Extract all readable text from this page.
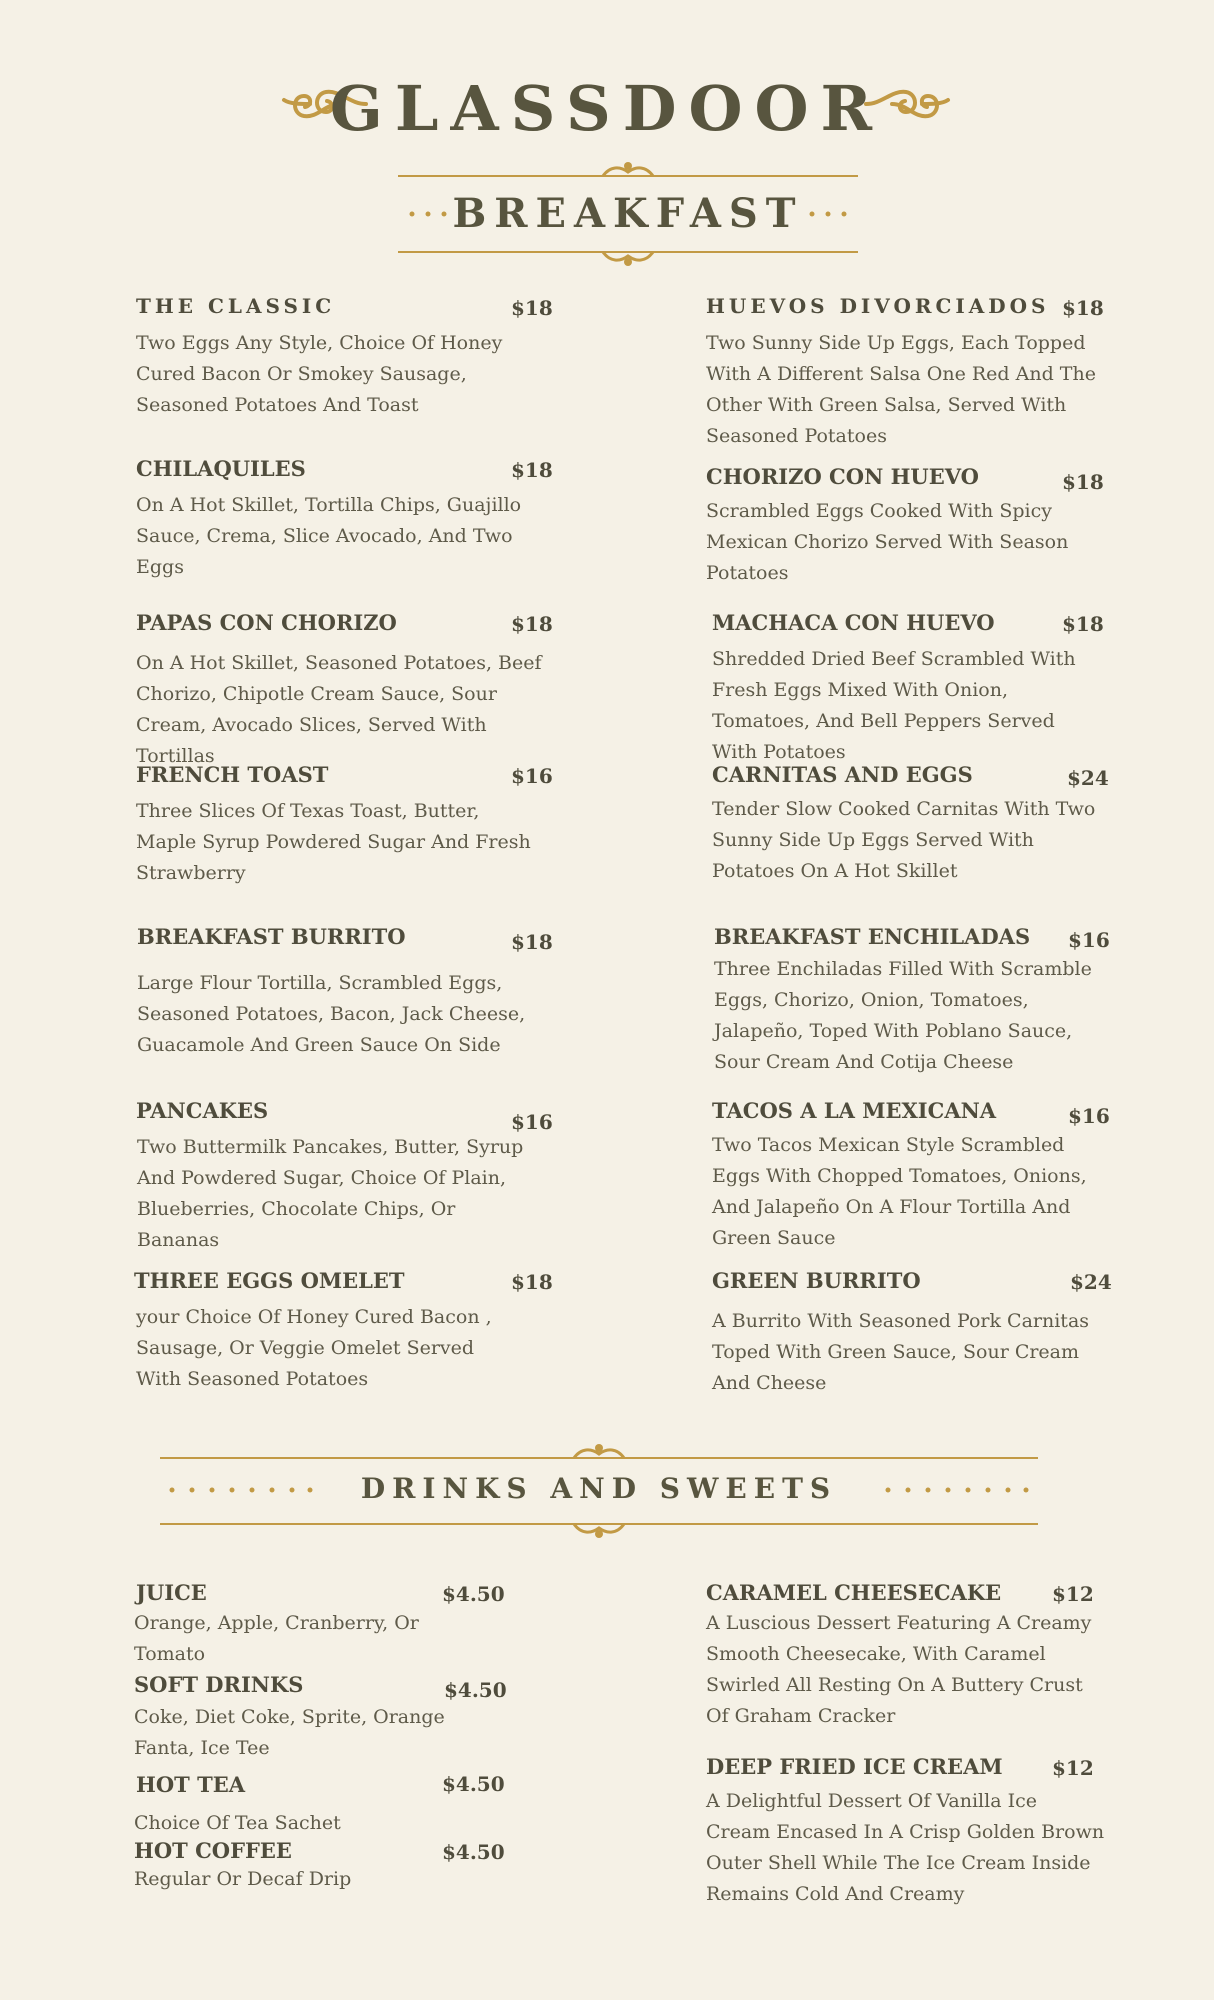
GLASSDOOR
BREAKFAST
THE CLASSIC	$18

Two Eggs Any Style, Choice Of Honey Cured Bacon Or Smokey Sausage, Seasoned Potatoes And Toast

CHILAQUILES	$18

On A Hot Skillet, Tortilla Chips, Guajillo Sauce, Crema, Slice Avocado, And Two Eggs

PAPAS CON CHORIZO	$18

On A Hot Skillet, Seasoned Potatoes, Beef Chorizo, Chipotle Cream Sauce, Sour Cream, Avocado Slices, Served With Tortillas

FRENCH TOAST	$16

Three Slices Of Texas Toast, Butter, Maple Syrup Powdered Sugar And Fresh Strawberry

BREAKFAST BURRITO	$18

Large Flour Tortilla, Scrambled Eggs, Seasoned Potatoes, Bacon, Jack Cheese, Guacamole And Green Sauce On Side

PANCAKES	$16

Two Buttermilk Pancakes, Butter, Syrup And Powdered Sugar, Choice Of Plain, Blueberries, Chocolate Chips, Or Bananas

THREE EGGS OMELET	$18

your Choice Of Honey Cured Bacon , Sausage, Or Veggie Omelet Served With Seasoned Potatoes

HUEVOS DIVORCIADOS $18

Two Sunny Side Up Eggs, Each Topped With A Different Salsa One Red And The Other With Green Salsa, Served With Seasoned Potatoes

CHORIZO CON HUEVO	$18

Scrambled Eggs Cooked With Spicy Mexican Chorizo Served With Season Potatoes

MACHACA CON HUEVO	$18

Shredded Dried Beef Scrambled With Fresh Eggs Mixed With Onion, Tomatoes, And Bell Peppers Served With Potatoes

CARNITAS AND EGGS	$24

Tender Slow Cooked Carnitas With Two Sunny Side Up Eggs Served With Potatoes On A Hot Skillet

BREAKFAST ENCHILADAS $16

Three Enchiladas Filled With Scramble Eggs, Chorizo, Onion, Tomatoes, Jalapeño, Toped With Poblano Sauce, Sour Cream And Cotija Cheese

TACOS A LA MEXICANA	$16

Two Tacos Mexican Style Scrambled Eggs With Chopped Tomatoes, Onions, And Jalapeño On A Flour Tortilla And Green Sauce

GREEN BURRITO	$24

A Burrito With Seasoned Pork Carnitas Toped With Green Sauce, Sour Cream And Cheese

DRINKS AND SWEETS
JUICE	$4.50

Orange, Apple, Cranberry, Or Tomato

SOFT DRINKS	$4.50

Coke, Diet Coke, Sprite, Orange Fanta, Ice Tee

HOT TEA	$4.50

Choice Of Tea Sachet

HOT COFFEE	$4.50

Regular Or Decaf Drip

CARAMEL CHEESECAKE	$12

A Luscious Dessert Featuring A Creamy Smooth Cheesecake, With Caramel Swirled All Resting On A Buttery Crust Of Graham Cracker

DEEP FRIED ICE CREAM $12

A Delightful Dessert Of Vanilla Ice Cream Encased In A Crisp Golden Brown Outer Shell While The Ice Cream Inside Remains Cold And Creamy
